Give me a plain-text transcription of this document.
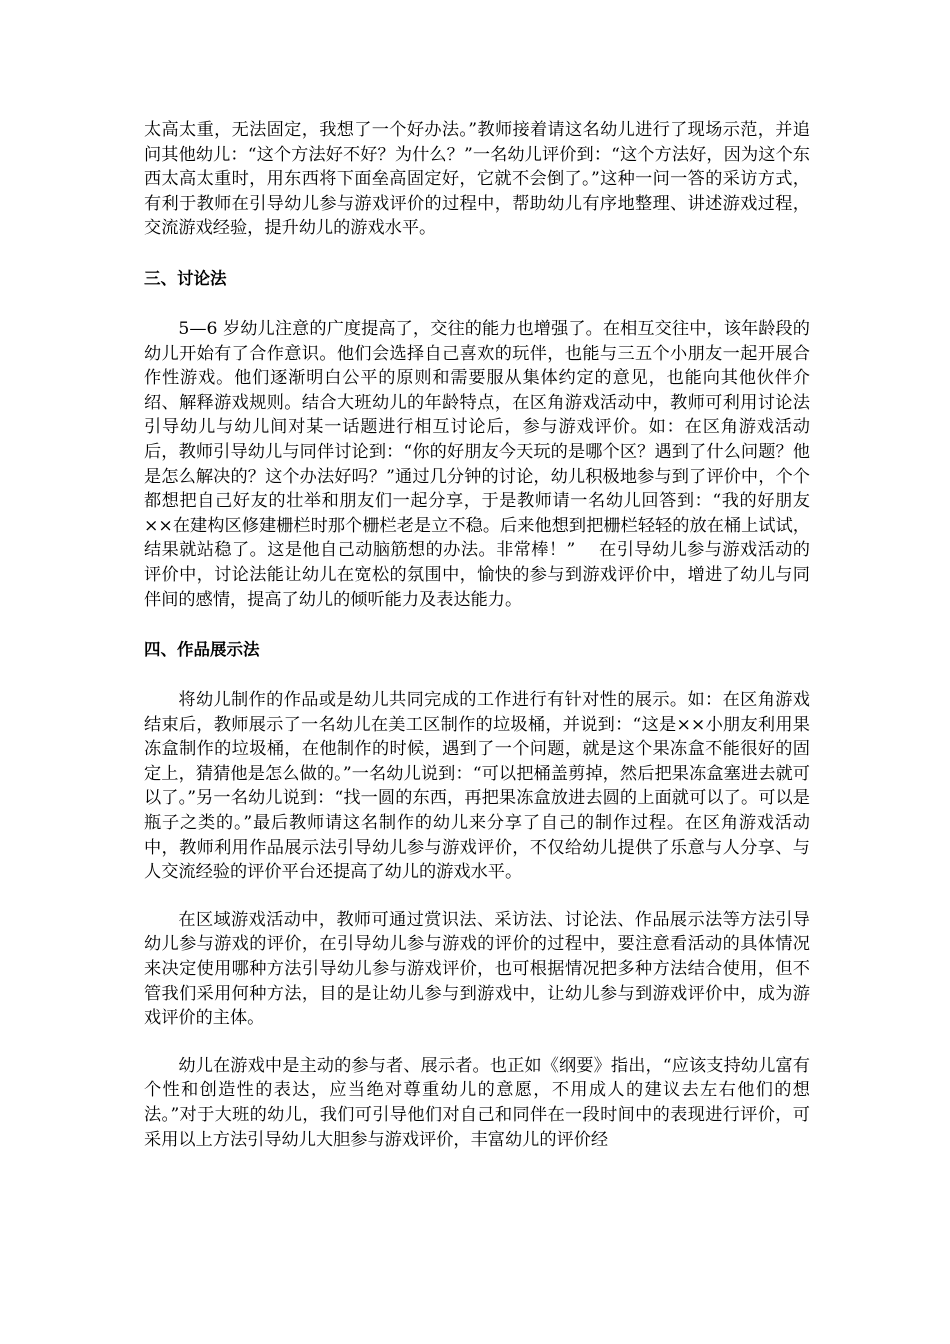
太高太重，无法固定，我想了一个好办法。”教师接着请这名幼儿进行了现场示范，并追问其他幼儿：“这个方法好不好？为什么？”一名幼儿评价到：“这个方法好，因为这个东西太高太重时，用东西将下面垒高固定好，它就不会倒了。”这种一问一答的采访方式，有利于教师在引导幼儿参与游戏评价的过程中，帮助幼儿有序地整理、讲述游戏过程，交流游戏经验，提升幼儿的游戏水平。

三、讨论法

5—6 岁幼儿注意的广度提高了，交往的能力也增强了。在相互交往中，该年龄段的幼儿开始有了合作意识。他们会选择自己喜欢的玩伴，也能与三五个小朋友一起开展合作性游戏。他们逐渐明白公平的原则和需要服从集体约定的意见，也能向其他伙伴介绍、解释游戏规则。结合大班幼儿的年龄特点，在区角游戏活动中，教师可利用讨论法引导幼儿与幼儿间对某一话题进行相互讨论后，参与游戏评价。如：在区角游戏活动后，教师引导幼儿与同伴讨论到：“你的好朋友今天玩的是哪个区？遇到了什么问题？他是怎么解决的？这个办法好吗？”通过几分钟的讨论，幼儿积极地参与到了评价中，个个都想把自己好友的壮举和朋友们一起分享，于是教师请一名幼儿回答到：“我的好朋友××在建构区修建栅栏时那个栅栏老是立不稳。后来他想到把栅栏轻轻的放在桶上试试，结果就站稳了。这是他自己动脑筋想的办法。非常棒！”　 在引导幼儿参与游戏活动的评价中，讨论法能让幼儿在宽松的氛围中，愉快的参与到游戏评价中，增进了幼儿与同伴间的感情，提高了幼儿的倾听能力及表达能力。

四、作品展示法

将幼儿制作的作品或是幼儿共同完成的工作进行有针对性的展示。如：在区角游戏结束后，教师展示了一名幼儿在美工区制作的垃圾桶，并说到：“这是××小朋友利用果冻盒制作的垃圾桶，在他制作的时候，遇到了一个问题，就是这个果冻盒不能很好的固定上，猜猜他是怎么做的。”一名幼儿说到：“可以把桶盖剪掉，然后把果冻盒塞进去就可以了。”另一名幼儿说到：“找一圆的东西，再把果冻盒放进去圆的上面就可以了。可以是瓶子之类的。”最后教师请这名制作的幼儿来分享了自己的制作过程。在区角游戏活动中，教师利用作品展示法引导幼儿参与游戏评价，不仅给幼儿提供了乐意与人分享、与人交流经验的评价平台还提高了幼儿的游戏水平。

在区域游戏活动中，教师可通过赏识法、采访法、讨论法、作品展示法等方法引导幼儿参与游戏的评价，在引导幼儿参与游戏的评价的过程中，要注意看活动的具体情况来决定使用哪种方法引导幼儿参与游戏评价，也可根据情况把多种方法结合使用，但不管我们采用何种方法，目的是让幼儿参与到游戏中，让幼儿参与到游戏评价中，成为游戏评价的主体。

幼儿在游戏中是主动的参与者、展示者。也正如《纲要》指出，“应该支持幼儿富有个性和创造性的表达，应当绝对尊重幼儿的意愿，不用成人的建议去左右他们的想法。”对于大班的幼儿，我们可引导他们对自己和同伴在一段时间中的表现进行评价，可采用以上方法引导幼儿大胆参与游戏评价，丰富幼儿的评价经
